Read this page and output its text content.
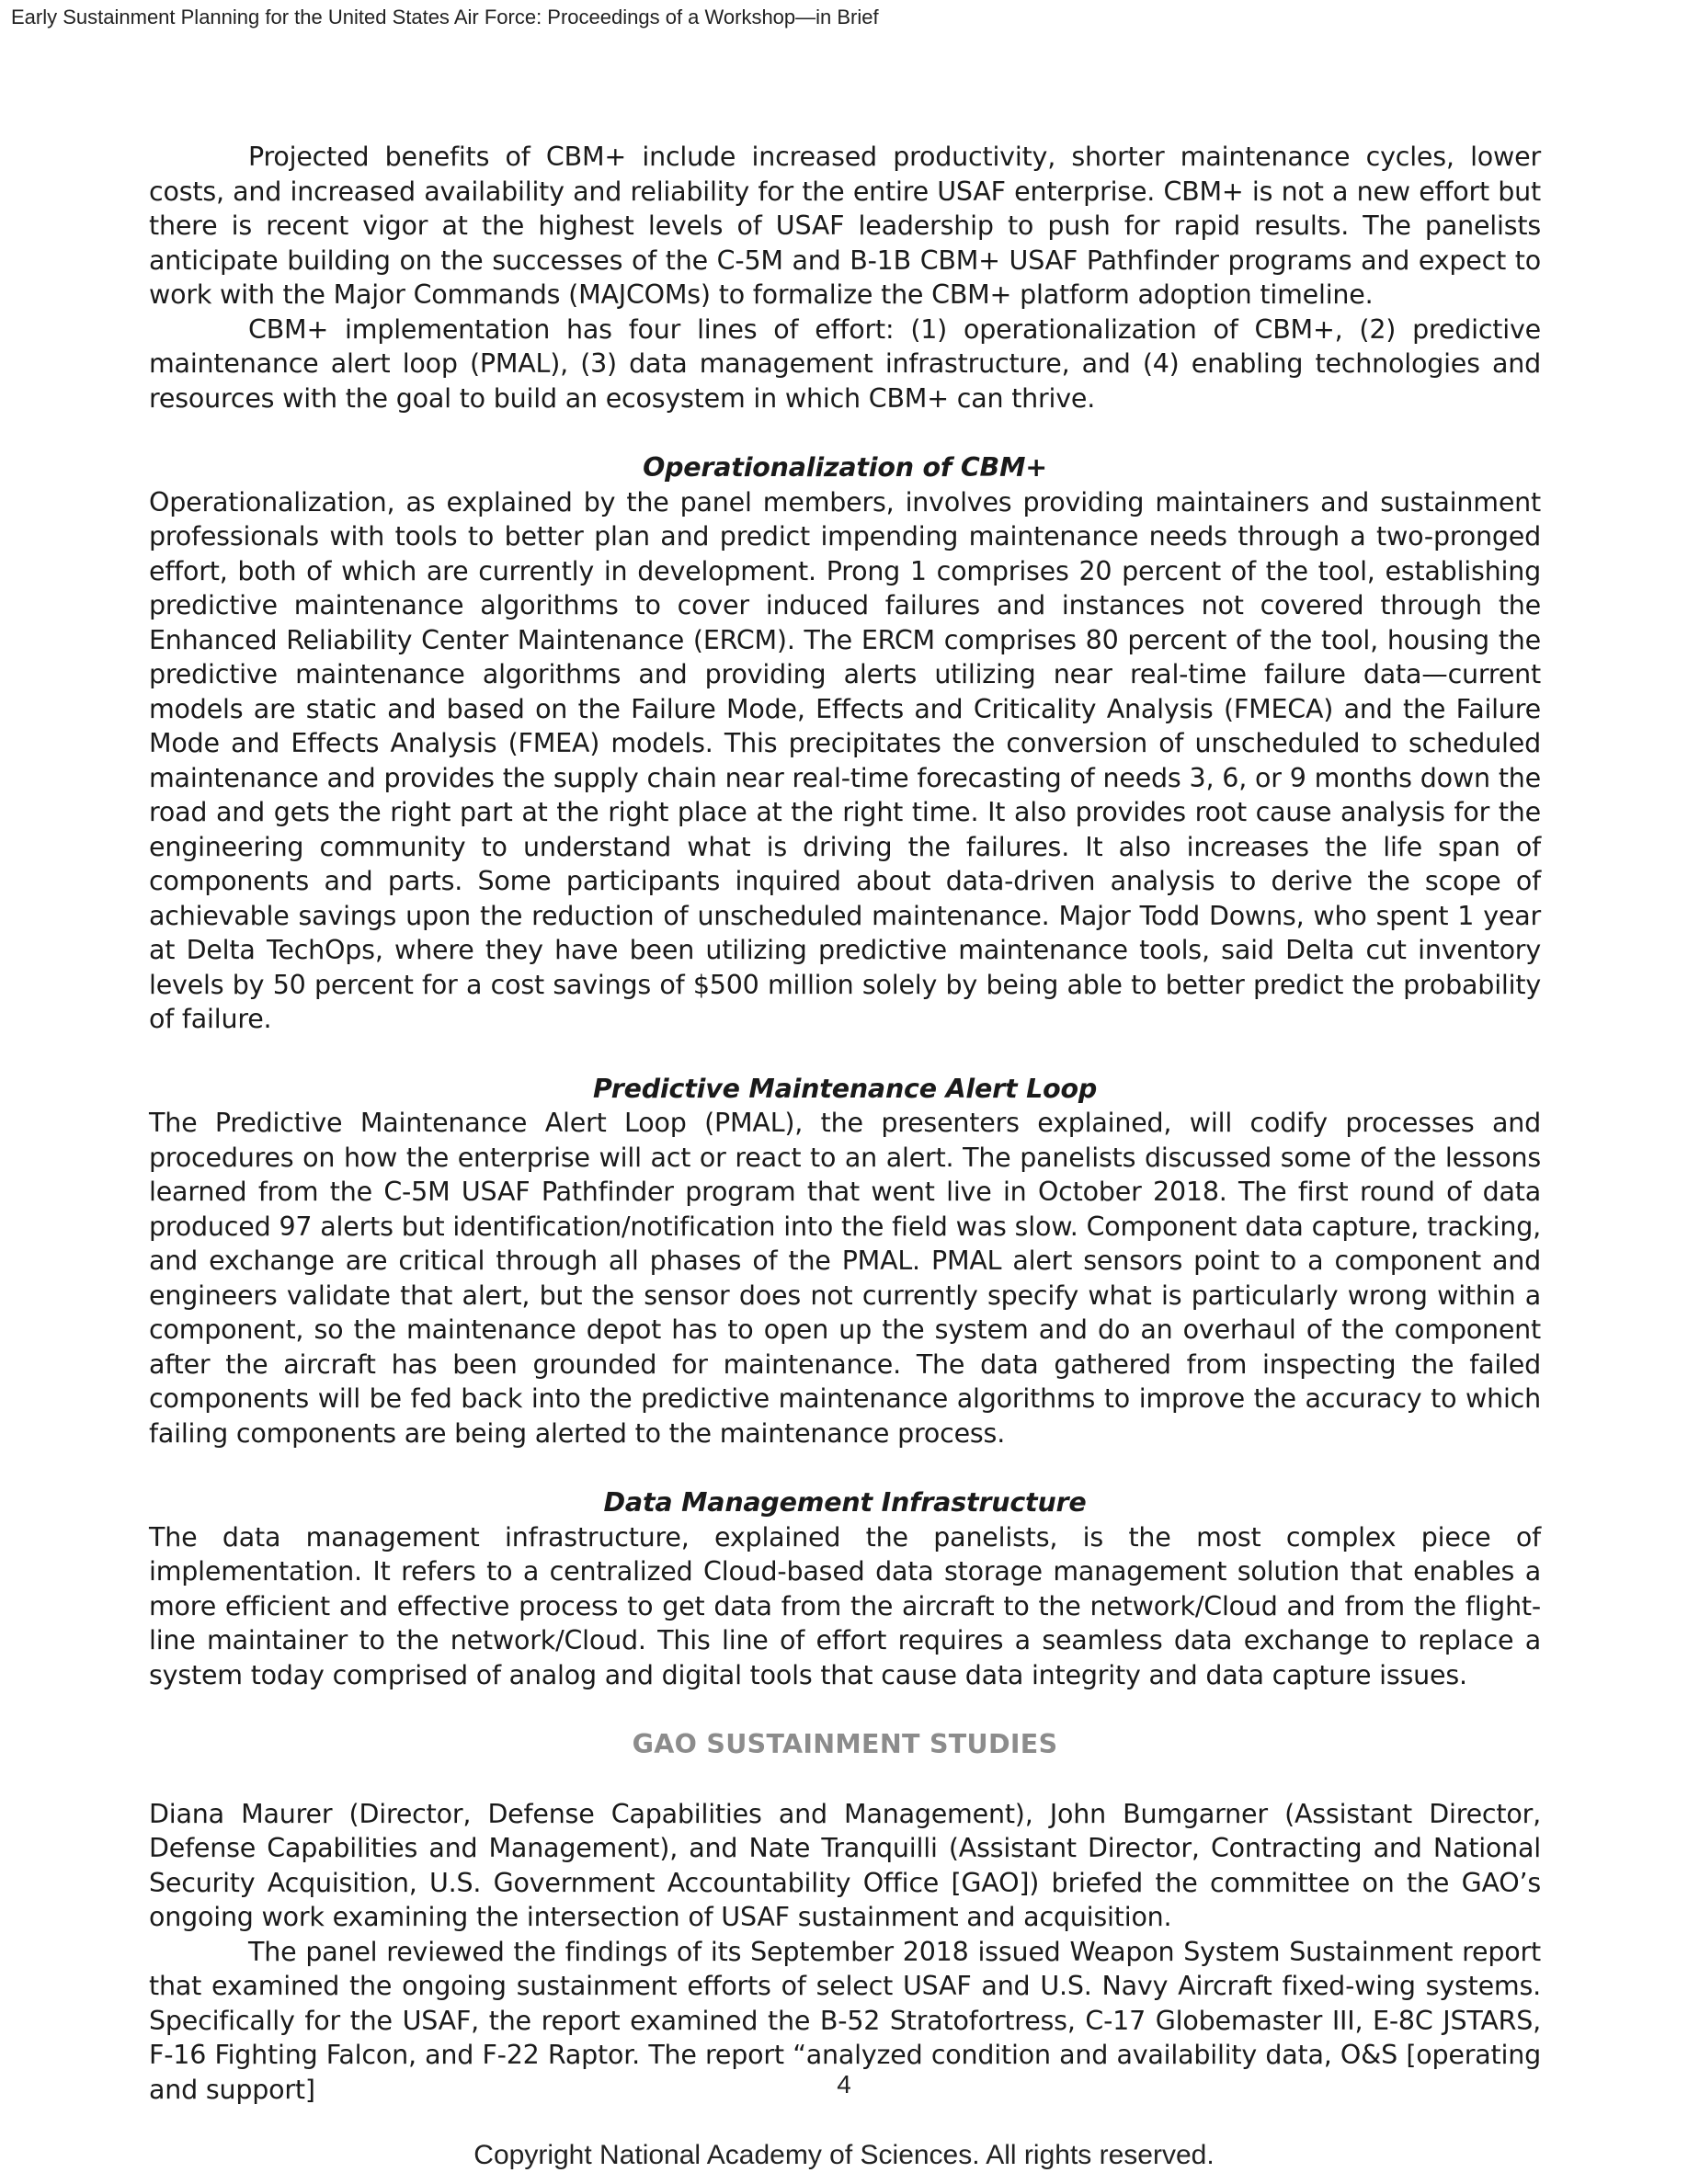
Early Sustainment Planning for the United States Air Force: Proceedings of a Workshop—in Brief

Projected benefits of CBM+ include increased productivity, shorter maintenance cycles, lower costs, and increased availability and reliability for the entire USAF enterprise. CBM+ is not a new effort but there is recent vigor at the highest levels of USAF leadership to push for rapid results. The panelists anticipate building on the successes of the C-5M and B-1B CBM+ USAF Pathfinder programs and expect to work with the Major Commands (MAJCOMs) to formalize the CBM+ platform adoption timeline.

CBM+ implementation has four lines of effort: (1) operationalization of CBM+, (2) predictive maintenance alert loop (PMAL), (3) data management infrastructure, and (4) enabling technologies and resources with the goal to build an ecosystem in which CBM+ can thrive.

Operationalization of CBM+

Operationalization, as explained by the panel members, involves providing maintainers and sustainment professionals with tools to better plan and predict impending maintenance needs through a two-pronged effort, both of which are currently in development. Prong 1 comprises 20 percent of the tool, establishing predictive maintenance algorithms to cover induced failures and instances not covered through the Enhanced Reliability Center Maintenance (ERCM). The ERCM comprises 80 percent of the tool, housing the predictive maintenance algorithms and providing alerts utilizing near real-time failure data—current models are static and based on the Failure Mode, Effects and Criticality Analysis (FMECA) and the Failure Mode and Effects Analysis (FMEA) models. This precipitates the conversion of unscheduled to scheduled maintenance and provides the supply chain near real-time forecasting of needs 3, 6, or 9 months down the road and gets the right part at the right place at the right time. It also provides root cause analysis for the engineering community to understand what is driving the failures. It also increases the life span of components and parts. Some participants inquired about data-driven analysis to derive the scope of achievable savings upon the reduction of unscheduled maintenance. Major Todd Downs, who spent 1 year at Delta TechOps, where they have been utilizing predictive maintenance tools, said Delta cut inventory levels by 50 percent for a cost savings of $500 million solely by being able to better predict the probability of failure.

Predictive Maintenance Alert Loop

The Predictive Maintenance Alert Loop (PMAL), the presenters explained, will codify processes and procedures on how the enterprise will act or react to an alert. The panelists discussed some of the lessons learned from the C-5M USAF Pathfinder program that went live in October 2018. The first round of data produced 97 alerts but identification/notification into the field was slow. Component data capture, tracking, and exchange are critical through all phases of the PMAL. PMAL alert sensors point to a component and engineers validate that alert, but the sensor does not currently specify what is particularly wrong within a component, so the maintenance depot has to open up the system and do an overhaul of the component after the aircraft has been grounded for maintenance. The data gathered from inspecting the failed components will be fed back into the predictive maintenance algorithms to improve the accuracy to which failing components are being alerted to the maintenance process.

Data Management Infrastructure

The data management infrastructure, explained the panelists, is the most complex piece of implementation. It refers to a centralized Cloud-based data storage management solution that enables a more efficient and effective process to get data from the aircraft to the network/Cloud and from the flight-line maintainer to the network/Cloud. This line of effort requires a seamless data exchange to replace a system today comprised of analog and digital tools that cause data integrity and data capture issues.

GAO SUSTAINMENT STUDIES

Diana Maurer (Director, Defense Capabilities and Management), John Bumgarner (Assistant Director, Defense Capabilities and Management), and Nate Tranquilli (Assistant Director, Contracting and National Security Acquisition, U.S. Government Accountability Office [GAO]) briefed the committee on the GAO’s ongoing work examining the intersection of USAF sustainment and acquisition.

The panel reviewed the findings of its September 2018 issued Weapon System Sustainment report that examined the ongoing sustainment efforts of select USAF and U.S. Navy Aircraft fixed-wing systems. Specifically for the USAF, the report examined the B-52 Stratofortress, C-17 Globemaster III, E-8C JSTARS, F-16 Fighting Falcon, and F-22 Raptor. The report “analyzed condition and availability data, O&S [operating and support]	4
Copyright National Academy of Sciences. All rights reserved.
